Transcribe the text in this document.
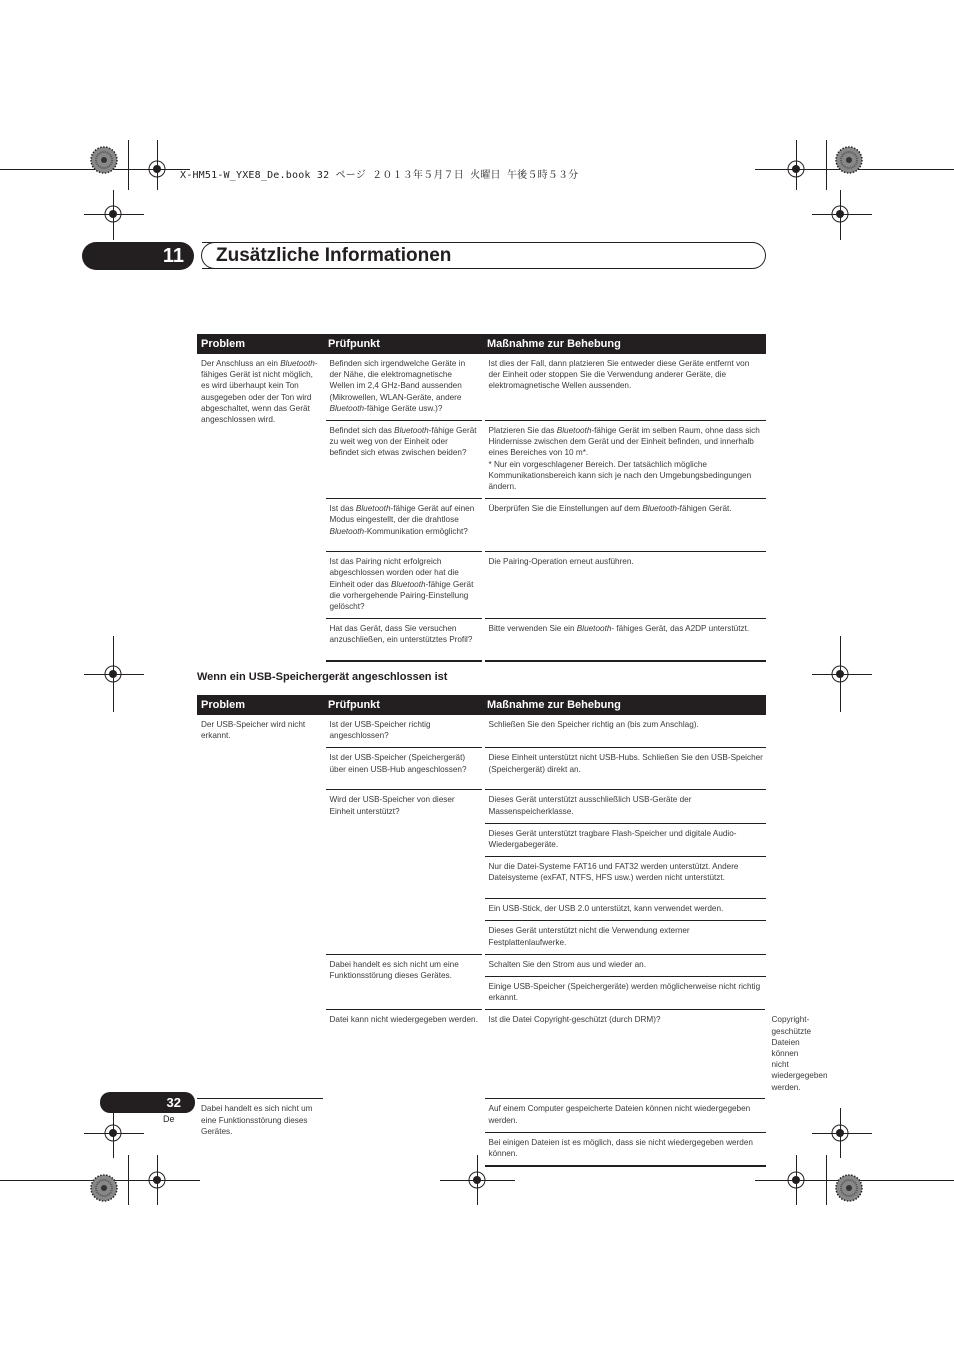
X-HM51-W_YXE8_De.book 32 ページ ２０１３年５月７日 火曜日 午後５時５３分
11	Zusätzliche Informationen
Problem	Prüfpunkt	Maßnahme zur Behebung
Der Anschluss an ein Bluetooth-fähiges Gerät ist nicht möglich, es wird überhaupt kein Ton ausgegeben oder der Ton wird abgeschaltet, wenn das Gerät angeschlossen wird.	Befinden sich irgendwelche Geräte in der Nähe, die elektromagnetische Wellen im 2,4 GHz-Band aussenden (Mikrowellen, WLAN-Geräte, andere Bluetooth-fähige Geräte usw.)?	Ist dies der Fall, dann platzieren Sie entweder diese Geräte entfernt von der Einheit oder stoppen Sie die Verwendung anderer Geräte, die elektromagnetische Wellen aussenden.
	Befindet sich das Bluetooth-fähige Gerät zu weit weg von der Einheit oder befindet sich etwas zwischen beiden?	Platzieren Sie das Bluetooth-fähige Gerät im selben Raum, ohne dass sich Hindernisse zwischen dem Gerät und der Einheit befinden, und innerhalb eines Bereiches von 10 m*.
* Nur ein vorgeschlagener Bereich. Der tatsächlich mögliche Kommunikationsbereich kann sich je nach den Umgebungsbedingungen ändern.
	Ist das Bluetooth-fähige Gerät auf einen Modus eingestellt, der die drahtlose Bluetooth-Kommunikation ermöglicht?	Überprüfen Sie die Einstellungen auf dem Bluetooth-fähigen Gerät.
	Ist das Pairing nicht erfolgreich abgeschlossen worden oder hat die Einheit oder das Bluetooth-fähige Gerät die vorhergehende Pairing-Einstellung gelöscht?	Die Pairing-Operation erneut ausführen.
	Hat das Gerät, dass Sie versuchen anzuschließen, ein unterstütztes Profil?	Bitte verwenden Sie ein Bluetooth- fähiges Gerät, das A2DP unterstützt.
Wenn ein USB-Speichergerät angeschlossen ist
Problem	Prüfpunkt	Maßnahme zur Behebung	
Der USB-Speicher wird nicht erkannt.	Ist der USB-Speicher richtig angeschlossen?	Schließen Sie den Speicher richtig an (bis zum Anschlag).	
	Ist der USB-Speicher (Speichergerät) über einen USB-Hub angeschlossen?	Diese Einheit unterstützt nicht USB-Hubs. Schließen Sie den USB-Speicher (Speichergerät) direkt an.	
	Wird der USB-Speicher von dieser Einheit unterstützt?	Dieses Gerät unterstützt ausschließlich USB-Geräte der Massenspeicherklasse.	
		Dieses Gerät unterstützt tragbare Flash-Speicher und digitale Audio-Wiedergabegeräte.	
		Nur die Datei-Systeme FAT16 und FAT32 werden unterstützt. Andere Dateisysteme (exFAT, NTFS, HFS usw.) werden nicht unterstützt.	
		Ein USB-Stick, der USB 2.0 unterstützt, kann verwendet werden.	
		Dieses Gerät unterstützt nicht die Verwendung externer Festplattenlaufwerke.	
	Dabei handelt es sich nicht um eine Funktionsstörung dieses Gerätes.	Schalten Sie den Strom aus und wieder an.	
		Einige USB-Speicher (Speichergeräte) werden möglicherweise nicht richtig erkannt.	
	Datei kann nicht wiedergegeben werden.	Ist die Datei Copyright-geschützt (durch DRM)?	Copyright-geschützte Dateien können nicht wiedergegeben werden.
Dabei handelt es sich nicht um eine Funktionsstörung dieses Gerätes.		Auf einem Computer gespeicherte Dateien können nicht wiedergegeben werden.	
		Bei einigen Dateien ist es möglich, dass sie nicht wiedergegeben werden können.	
32
De
